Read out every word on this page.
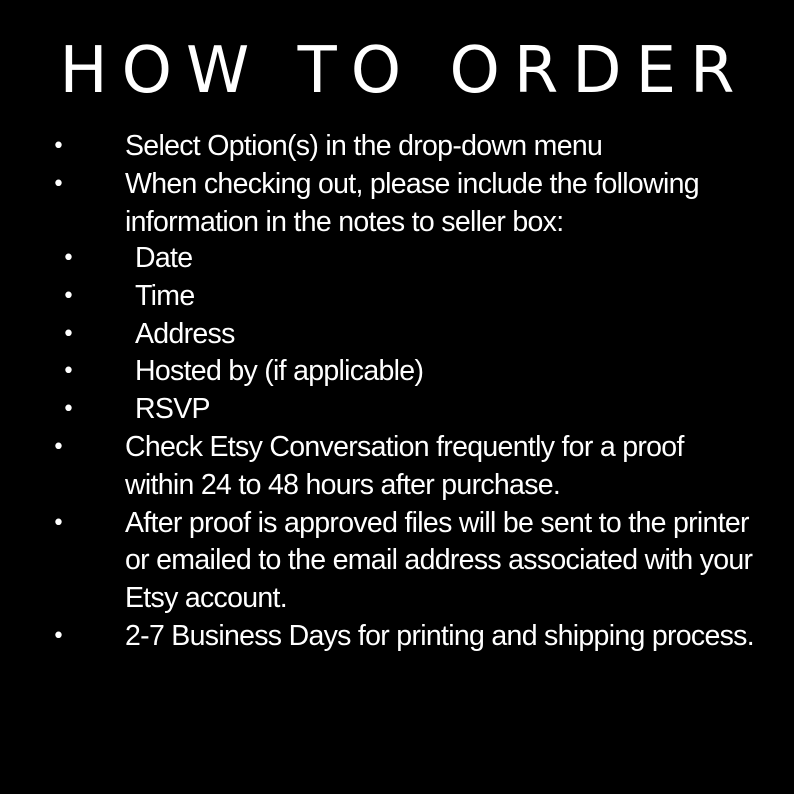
HOW TO ORDER
• Select Option(s) in the drop-down menu
• When checking out, please include the following information in the notes to seller box:
• Date
• Time
• Address
• Hosted by (if applicable)
• RSVP
• Check Etsy Conversation frequently for a proof within 24 to 48 hours after purchase.
• After proof is approved files will be sent to the printer or emailed to the email address associated with your Etsy account.
• 2-7 Business Days for printing and shipping process.
